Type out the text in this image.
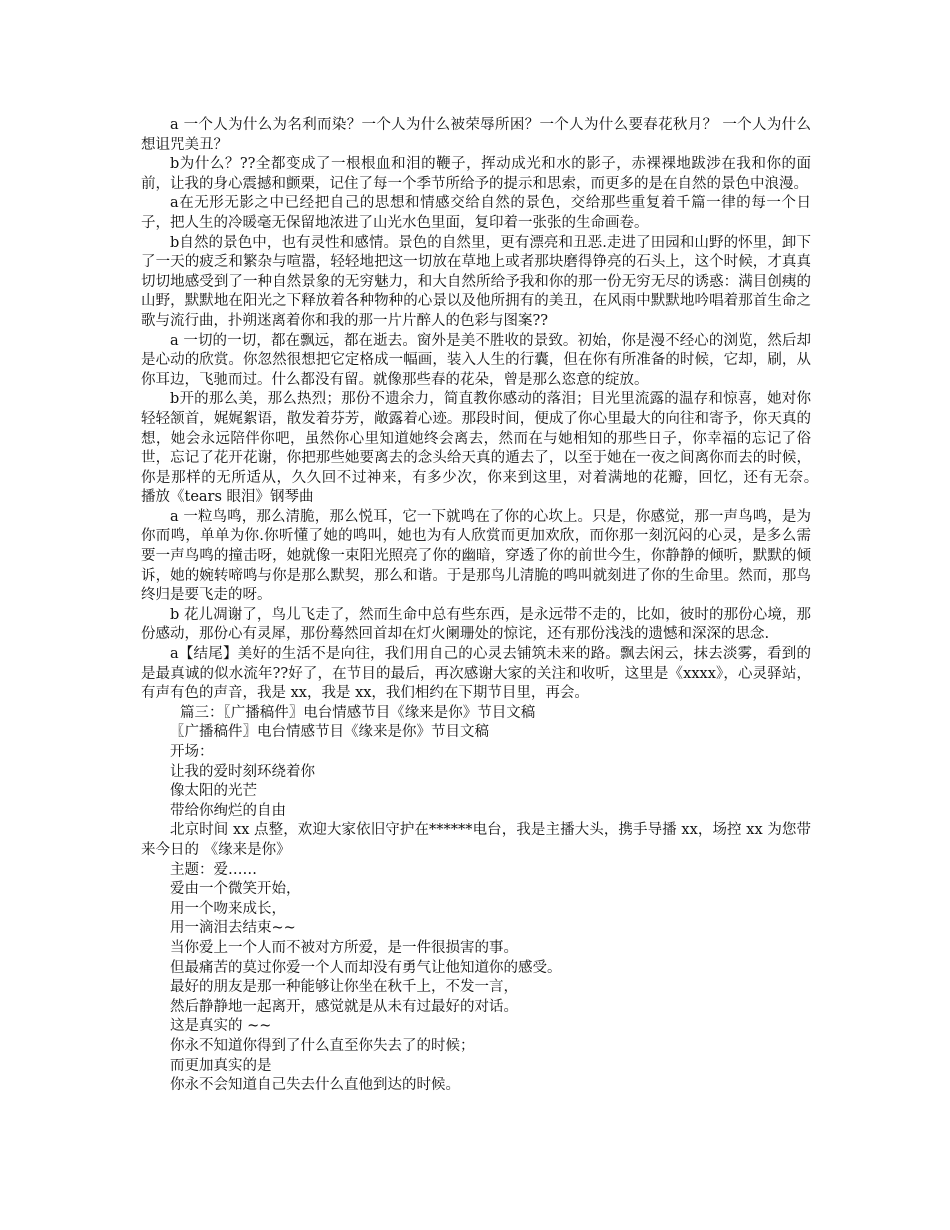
a 一个人为什么为名利而染？一个人为什么被荣辱所困？一个人为什么要春花秋月？ 一个人为什么想诅咒美丑？

b为什么？??全都变成了一根根血和泪的鞭子，挥动成光和水的影子，赤裸裸地跋涉在我和你的面前，让我的身心震撼和颤栗，记住了每一个季节所给予的提示和思索，而更多的是在自然的景色中浪漫。

a在无形无影之中已经把自己的思想和情感交给自然的景色，交给那些重复着千篇一律的每一个日子，把人生的冷暖毫无保留地浓进了山光水色里面，复印着一张张的生命画卷。

b自然的景色中，也有灵性和感情。景色的自然里，更有漂亮和丑恶.走进了田园和山野的怀里，卸下了一天的疲乏和繁杂与喧嚣，轻轻地把这一切放在草地上或者那块磨得铮亮的石头上，这个时候，才真真切切地感受到了一种自然景象的无穷魅力，和大自然所给予我和你的那一份无穷无尽的诱惑：满目创痍的山野，默默地在阳光之下释放着各种物种的心景以及他所拥有的美丑，在风雨中默默地吟唱着那首生命之歌与流行曲，扑朔迷离着你和我的那一片片醉人的色彩与图案??

a 一切的一切，都在飘远，都在逝去。窗外是美不胜收的景致。初始，你是漫不经心的浏览，然后却是心动的欣赏。你忽然很想把它定格成一幅画，装入人生的行囊，但在你有所准备的时候，它却，刷，从你耳边，飞驰而过。什么都没有留。就像那些春的花朵，曾是那么恣意的绽放。

b开的那么美，那么热烈；那份不遗余力，简直教你感动的落泪；目光里流露的温存和惊喜，她对你轻轻颔首，娓娓絮语，散发着芬芳，敞露着心迹。那段时间，便成了你心里最大的向往和寄予，你天真的想，她会永远陪伴你吧，虽然你心里知道她终会离去，然而在与她相知的那些日子，你幸福的忘记了俗世，忘记了花开花谢，你把那些她要离去的念头给天真的遁去了，以至于她在一夜之间离你而去的时候，你是那样的无所适从，久久回不过神来，有多少次，你来到这里，对着满地的花瓣，回忆，还有无奈。　播放《tears 眼泪》钢琴曲

a 一粒鸟鸣，那么清脆，那么悦耳，它一下就鸣在了你的心坎上。只是，你感觉，那一声鸟鸣，是为你而鸣，单单为你.你听懂了她的鸣叫，她也为有人欣赏而更加欢欣，而你那一刻沉闷的心灵，是多么需要一声鸟鸣的撞击呀，她就像一束阳光照亮了你的幽暗，穿透了你的前世今生，你静静的倾听，默默的倾诉，她的婉转啼鸣与你是那么默契，那么和谐。于是那鸟儿清脆的鸣叫就刻进了你的生命里。然而，那鸟终归是要飞走的呀。

b 花儿凋谢了，鸟儿飞走了，然而生命中总有些东西，是永远带不走的，比如，彼时的那份心境，那份感动，那份心有灵犀，那份蓦然回首却在灯火阑珊处的惊诧，还有那份浅浅的遗憾和深深的思念.

a【结尾】美好的生活不是向往，我们用自己的心灵去铺筑未来的路。飘去闲云，抹去淡雾，看到的是最真诚的似水流年??好了，在节目的最后，再次感谢大家的关注和收听，这里是《xxxx》，心灵驿站，有声有色的声音，我是 xx，我是 xx，我们相约在下期节目里，再会。

篇三：〖广播稿件〗电台情感节目《缘来是你》节目文稿

〖广播稿件〗电台情感节目《缘来是你》节目文稿

开场：

让我的爱时刻环绕着你

像太阳的光芒

带给你绚烂的自由

北京时间 xx 点整，欢迎大家依旧守护在******电台，我是主播大头，携手导播 xx，场控 xx 为您带来今日的 《缘来是你》

主题：爱……

爱由一个微笑开始，

用一个吻来成长，

用一滴泪去结束~~

当你爱上一个人而不被对方所爱，是一件很损害的事。

但最痛苦的莫过你爱一个人而却没有勇气让他知道你的感受。

最好的朋友是那一种能够让你坐在秋千上，不发一言，

然后静静地一起离开，感觉就是从未有过最好的对话。

这是真实的 ~~

你永不知道你得到了什么直至你失去了的时候；

而更加真实的是

你永不会知道自己失去什么直他到达的时候。
